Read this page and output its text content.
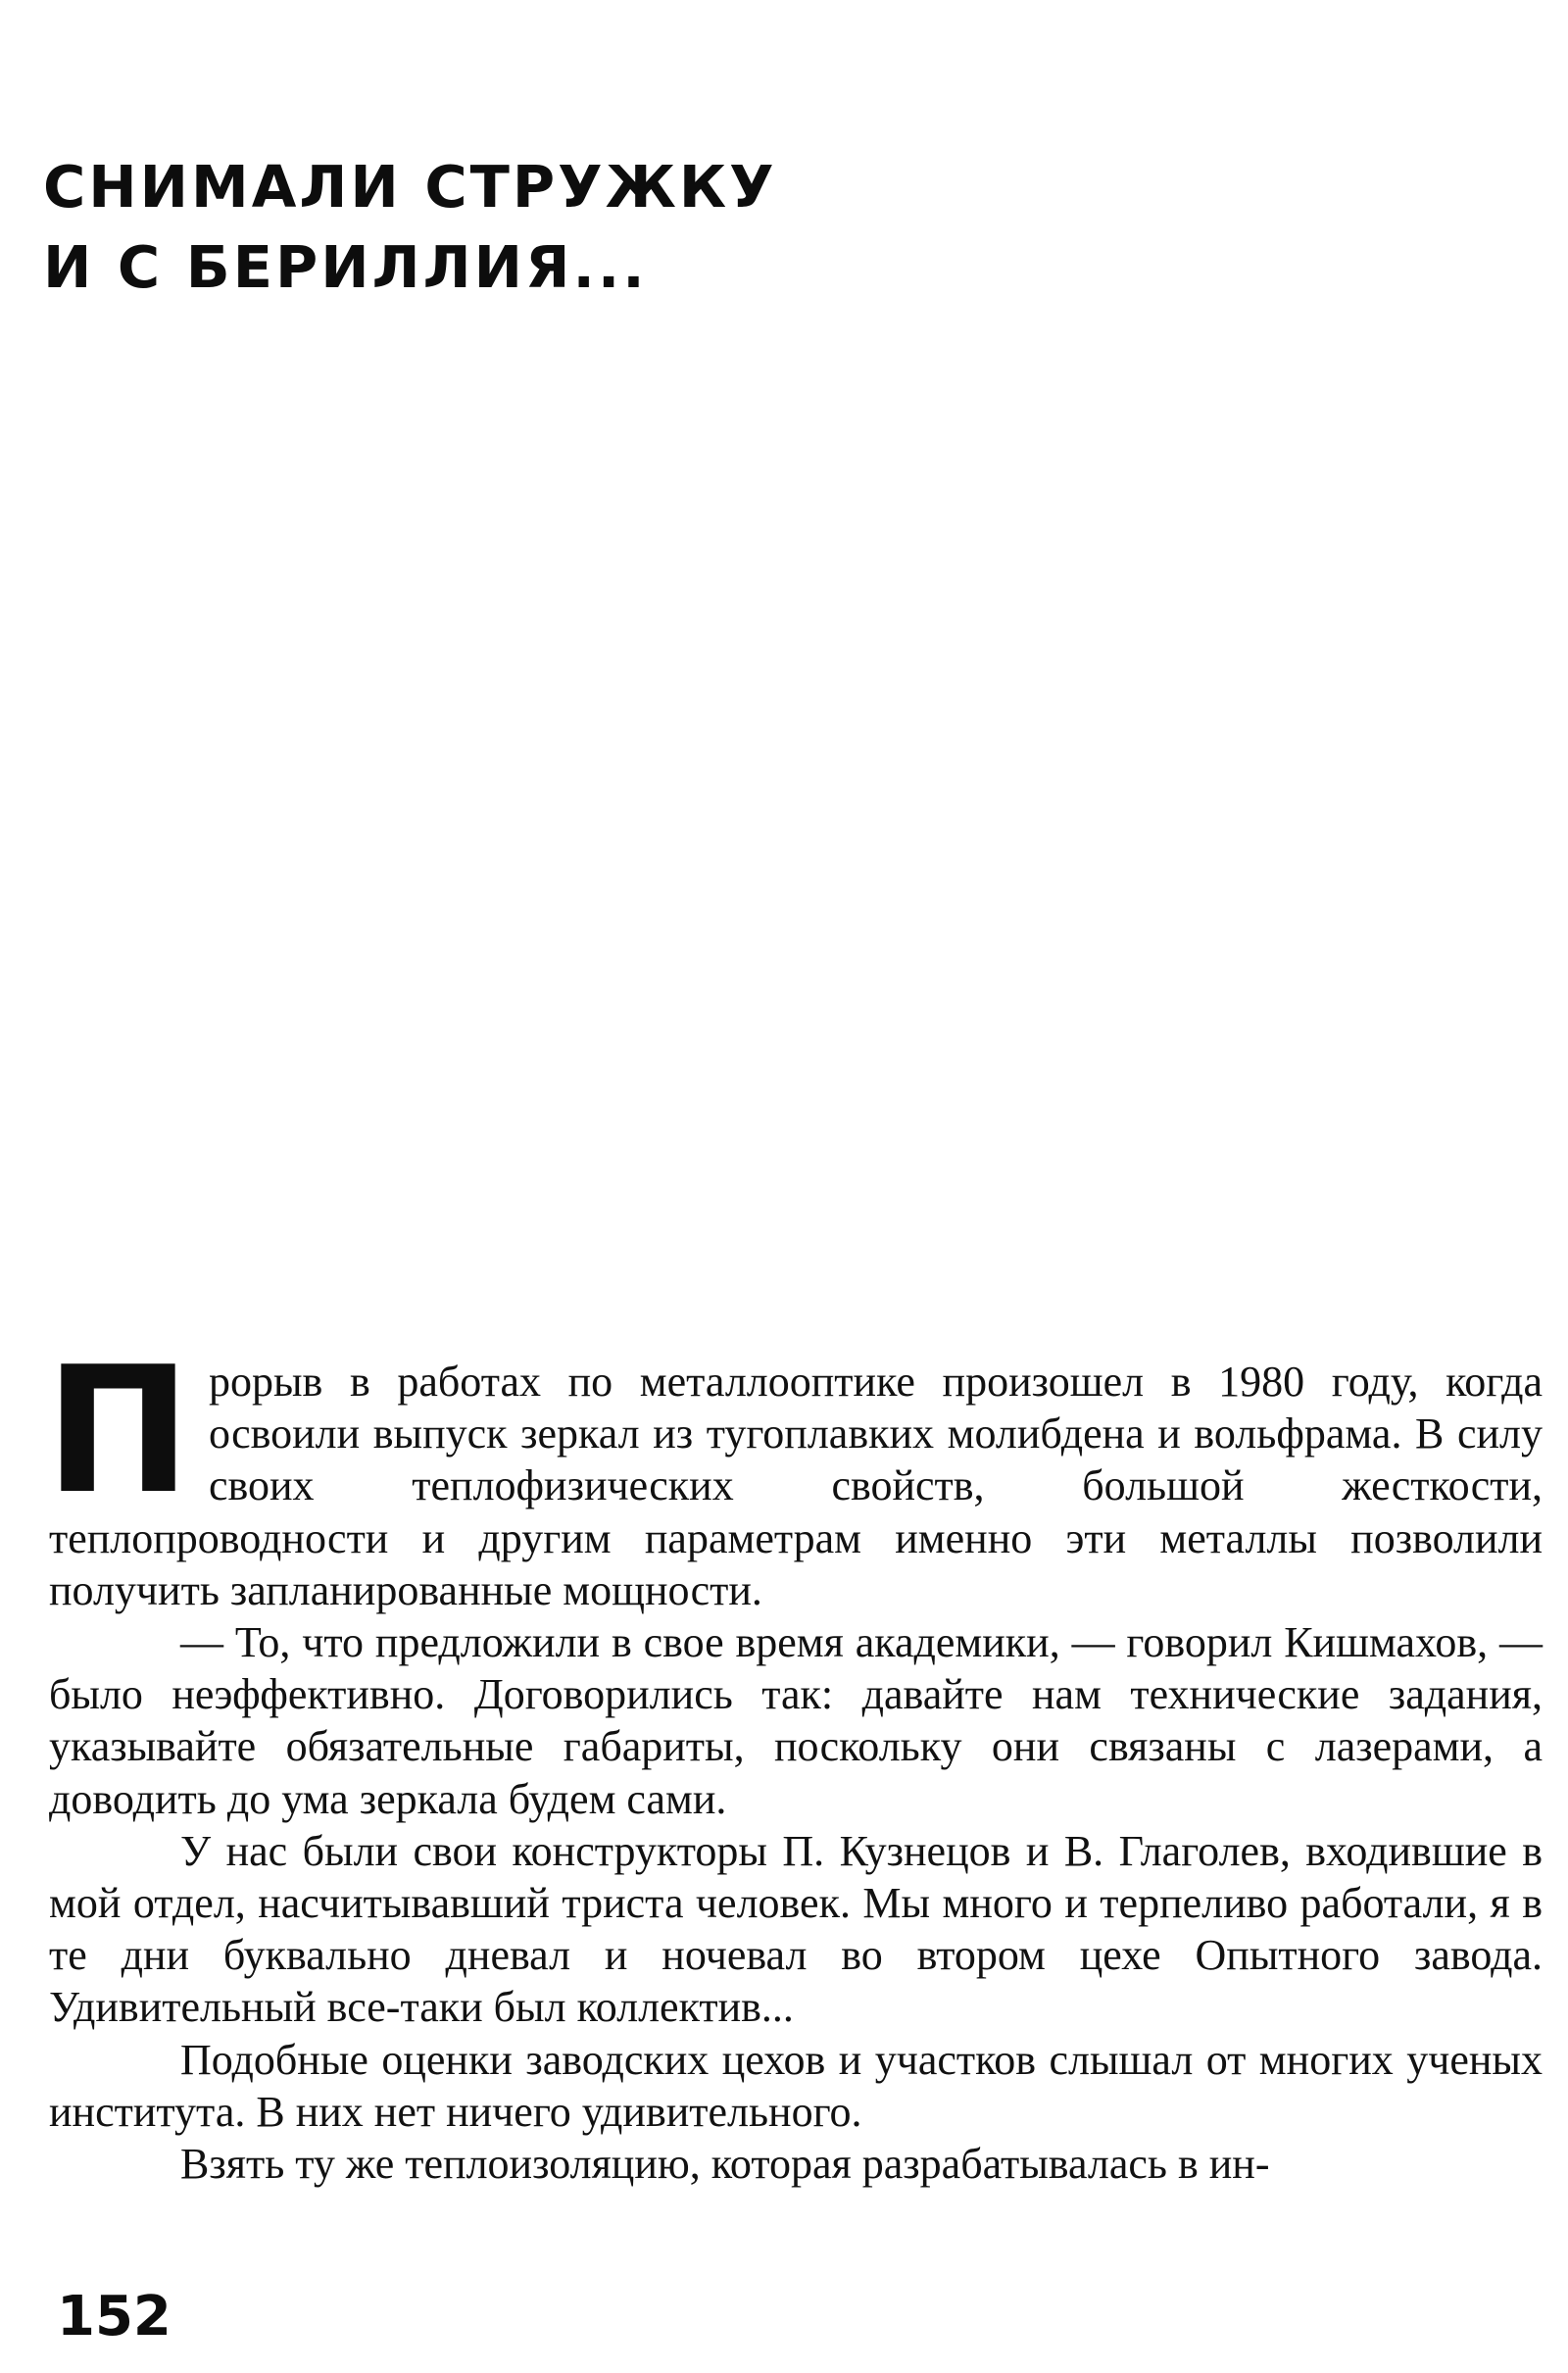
СНИМАЛИ СТРУЖКУ
И С БЕРИЛЛИЯ...

Прорыв в работах по металлооптике произошел в 1980 году, когда освоили выпуск зеркал из тугоплавких молибдена и вольфрама. В силу своих теплофизических свойств, большой жесткости, теплопроводности и другим параметрам именно эти металлы позволили получить запланированные мощности.

— То, что предложили в свое время академики, — говорил Кишмахов, — было неэффективно. Договорились так: давайте нам технические задания, указывайте обязательные габариты, поскольку они связаны с лазерами, а доводить до ума зеркала будем сами.

У нас были свои конструкторы П. Кузнецов и В. Глаголев, входившие в мой отдел, насчитывавший триста человек. Мы много и терпеливо работали, я в те дни буквально дневал и ночевал во втором цехе Опытного завода. Удивительный все-таки был коллектив...

Подобные оценки заводских цехов и участков слышал от многих ученых института. В них нет ничего удивительного.

Взять ту же теплоизоляцию, которая разрабатывалась в ин-

152
